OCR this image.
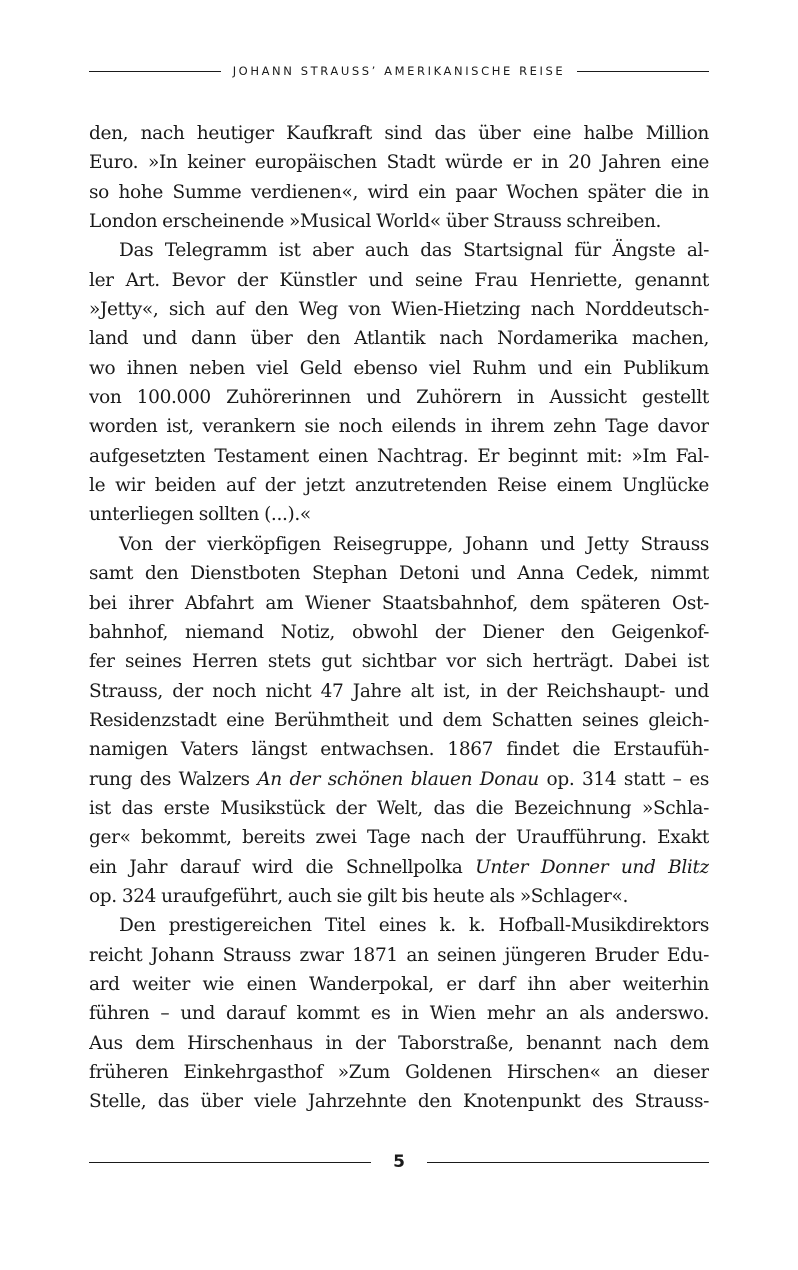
JOHANN STRAUSS’ AMERIKANISCHE REISE
den, nach heutiger Kaufkraft sind das über eine halbe Million
Euro. »In keiner europäischen Stadt würde er in 20 Jahren eine
so hohe Summe verdienen«, wird ein paar Wochen später die in
London erscheinende »Musical World« über Strauss schreiben.
Das Telegramm ist aber auch das Startsignal für Ängste al-
ler Art. Bevor der Künstler und seine Frau Henriette, genannt
»Jetty«, sich auf den Weg von Wien-Hietzing nach Norddeutsch-
land und dann über den Atlantik nach Nordamerika machen,
wo ihnen neben viel Geld ebenso viel Ruhm und ein Publikum
von 100.000 Zuhörerinnen und Zuhörern in Aussicht gestellt
worden ist, verankern sie noch eilends in ihrem zehn Tage davor
aufgesetzten Testament einen Nachtrag. Er beginnt mit: »Im Fal-
le wir beiden auf der jetzt anzutretenden Reise einem Unglücke
unterliegen sollten (...).«
Von der vierköpfigen Reisegruppe, Johann und Jetty Strauss
samt den Dienstboten Stephan Detoni und Anna Cedek, nimmt
bei ihrer Abfahrt am Wiener Staatsbahnhof, dem späteren Ost-
bahnhof, niemand Notiz, obwohl der Diener den Geigenkof-
fer seines Herren stets gut sichtbar vor sich herträgt. Dabei ist
Strauss, der noch nicht 47 Jahre alt ist, in der Reichshaupt- und
Residenzstadt eine Berühmtheit und dem Schatten seines gleich-
namigen Vaters längst entwachsen. 1867 findet die Erstaufüh-
rung des Walzers An der schönen blauen Donau op. 314 statt – es
ist das erste Musikstück der Welt, das die Bezeichnung »Schla-
ger« bekommt, bereits zwei Tage nach der Uraufführung. Exakt
ein Jahr darauf wird die Schnellpolka Unter Donner und Blitz
op. 324 uraufgeführt, auch sie gilt bis heute als »Schlager«.
Den prestigereichen Titel eines k. k. Hofball-Musikdirektors
reicht Johann Strauss zwar 1871 an seinen jüngeren Bruder Edu-
ard weiter wie einen Wanderpokal, er darf ihn aber weiterhin
führen – und darauf kommt es in Wien mehr an als anderswo.
Aus dem Hirschenhaus in der Taborstraße, benannt nach dem
früheren Einkehrgasthof »Zum Goldenen Hirschen« an dieser
Stelle, das über viele Jahrzehnte den Knotenpunkt des Strauss-
5
